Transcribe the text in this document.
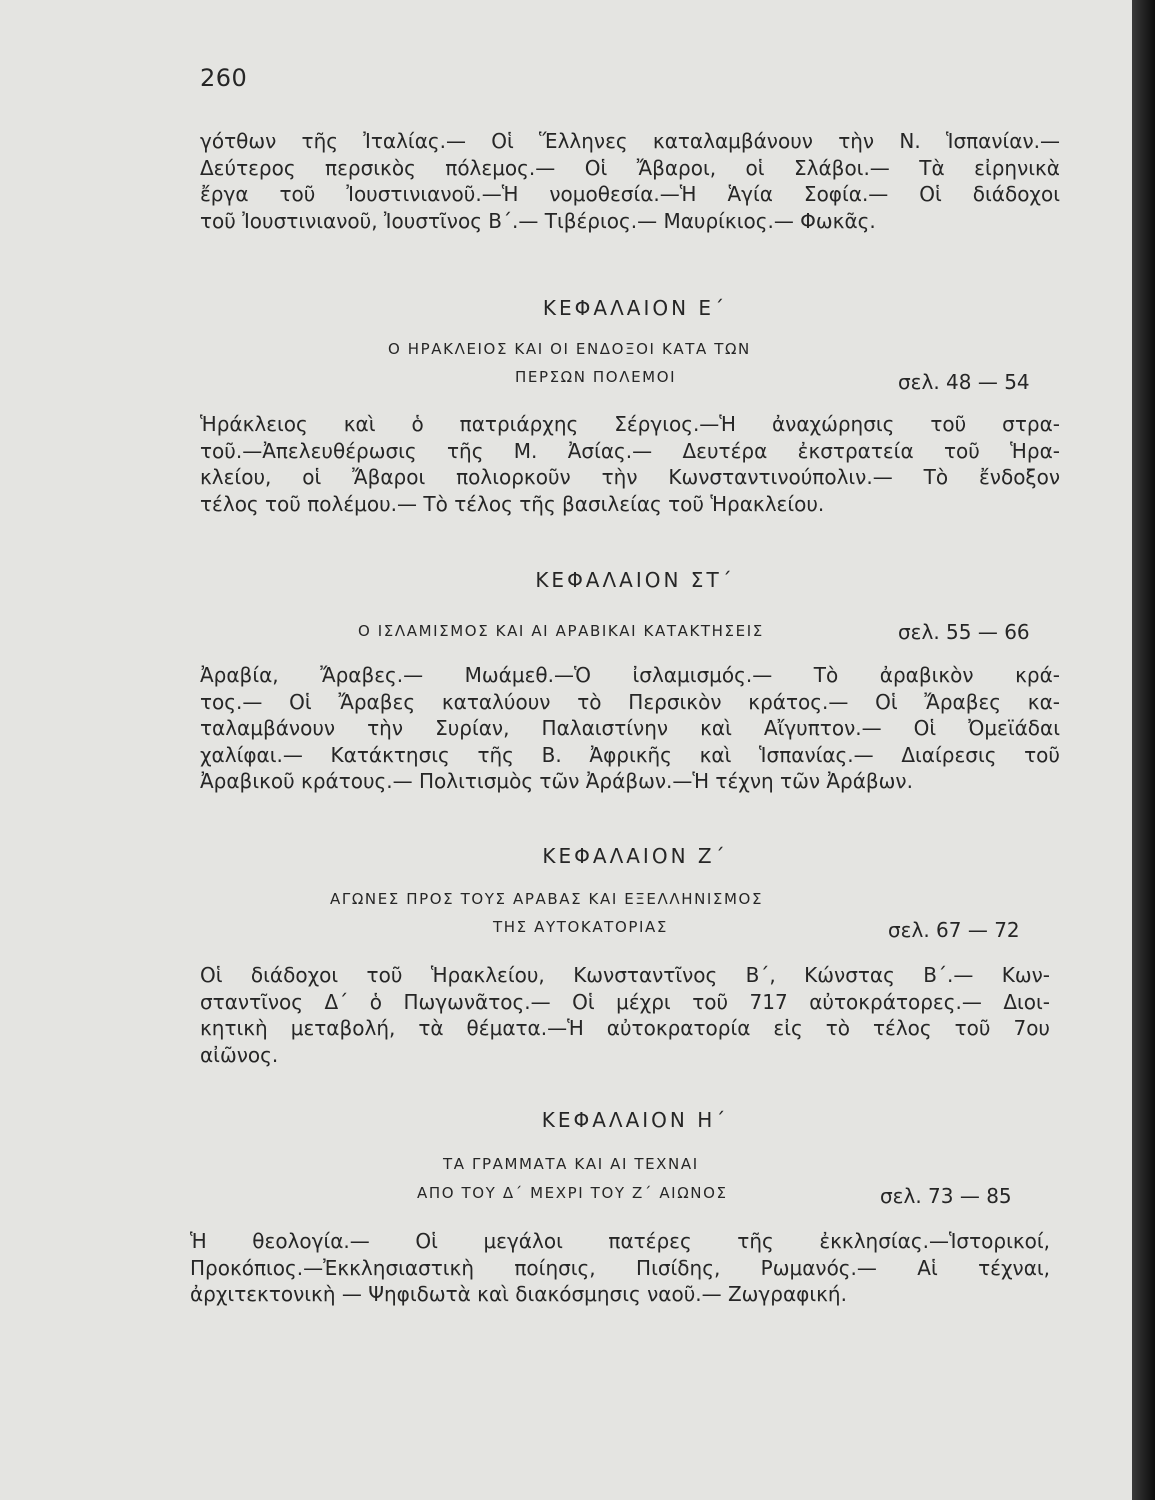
260
γότθων τῆς Ἰταλίας.— Οἱ Ἕλληνες καταλαμβάνουν τὴν Ν. Ἱσπανίαν.—
Δεύτερος περσικὸς πόλεμος.— Οἱ Ἄβαροι, οἱ Σλάβοι.— Τὰ εἰρηνικὰ
ἔργα τοῦ Ἰουστινιανοῦ.—Ἡ νομοθεσία.—Ἡ Ἁγία Σοφία.— Οἱ διάδοχοι
τοῦ Ἰουστινιανοῦ, Ἰουστῖνος Β΄.— Τιβέριος.— Μαυρίκιος.— Φωκᾶς.
ΚΕΦΑΛΑΙΟΝ Ε΄
Ο ΗΡΑΚΛΕΙΟΣ ΚΑΙ ΟΙ ΕΝΔΟΞΟΙ ΚΑΤΑ ΤΩΝ
ΠΕΡΣΩΝ ΠΟΛΕΜΟΙ	σελ. 48 — 54
Ἡράκλειος καὶ ὁ πατριάρχης Σέργιος.—Ἡ ἀναχώρησις τοῦ στρα-
τοῦ.—Ἀπελευθέρωσις τῆς Μ. Ἀσίας.— Δευτέρα ἐκστρατεία τοῦ Ἡρα-
κλείου, οἱ Ἄβαροι πολιορκοῦν τὴν Κωνσταντινούπολιν.— Τὸ ἔνδοξον
τέλος τοῦ πολέμου.— Τὸ τέλος τῆς βασιλείας τοῦ Ἡρακλείου.
ΚΕΦΑΛΑΙΟΝ ΣΤ΄
Ο ΙΣΛΑΜΙΣΜΟΣ ΚΑΙ ΑΙ ΑΡΑΒΙΚΑΙ ΚΑΤΑΚΤΗΣΕΙΣ	σελ. 55 — 66
Ἀραβία, Ἄραβες.— Μωάμεθ.—Ὁ ἰσλαμισμός.— Τὸ ἀραβικὸν κρά-
τος.— Οἱ Ἄραβες καταλύουν τὸ Περσικὸν κράτος.— Οἱ Ἄραβες κα-
ταλαμβάνουν τὴν Συρίαν, Παλαιστίνην καὶ Αἴγυπτον.— Οἱ Ὀμεϊάδαι
χαλίφαι.— Κατάκτησις τῆς Β. Ἀφρικῆς καὶ Ἱσπανίας.— Διαίρεσις τοῦ
Ἀραβικοῦ κράτους.— Πολιτισμὸς τῶν Ἀράβων.—Ἡ τέχνη τῶν Ἀράβων.
ΚΕΦΑΛΑΙΟΝ Ζ΄
ΑΓΩΝΕΣ ΠΡΟΣ ΤΟΥΣ ΑΡΑΒΑΣ ΚΑΙ ΕΞΕΛΛΗΝΙΣΜΟΣ
ΤΗΣ ΑΥΤΟΚΑΤΟΡΙΑΣ	σελ. 67 — 72
Οἱ διάδοχοι τοῦ Ἡρακλείου, Κωνσταντῖνος Β΄, Κώνστας Β΄.— Κων-
σταντῖνος Δ΄ ὁ Πωγωνᾶτος.— Οἱ μέχρι τοῦ 717 αὐτοκράτορες.— Διοι-
κητικὴ μεταβολή, τὰ θέματα.—Ἡ αὐτοκρατορία εἰς τὸ τέλος τοῦ 7ου
αἰῶνος.
ΚΕΦΑΛΑΙΟΝ Η΄
ΤΑ ΓΡΑΜΜΑΤΑ ΚΑΙ ΑΙ ΤΕΧΝΑΙ
ΑΠΟ ΤΟΥ Δ΄ ΜΕΧΡΙ ΤΟΥ Ζ΄ ΑΙΩΝΟΣ	σελ. 73 — 85
Ἡ θεολογία.— Οἱ μεγάλοι πατέρες τῆς ἐκκλησίας.—Ἱστορικοί,
Προκόπιος.—Ἐκκλησιαστικὴ ποίησις, Πισίδης, Ρωμανός.— Αἱ τέχναι,
ἀρχιτεκτονικὴ — Ψηφιδωτὰ καὶ διακόσμησις ναοῦ.— Ζωγραφική.
